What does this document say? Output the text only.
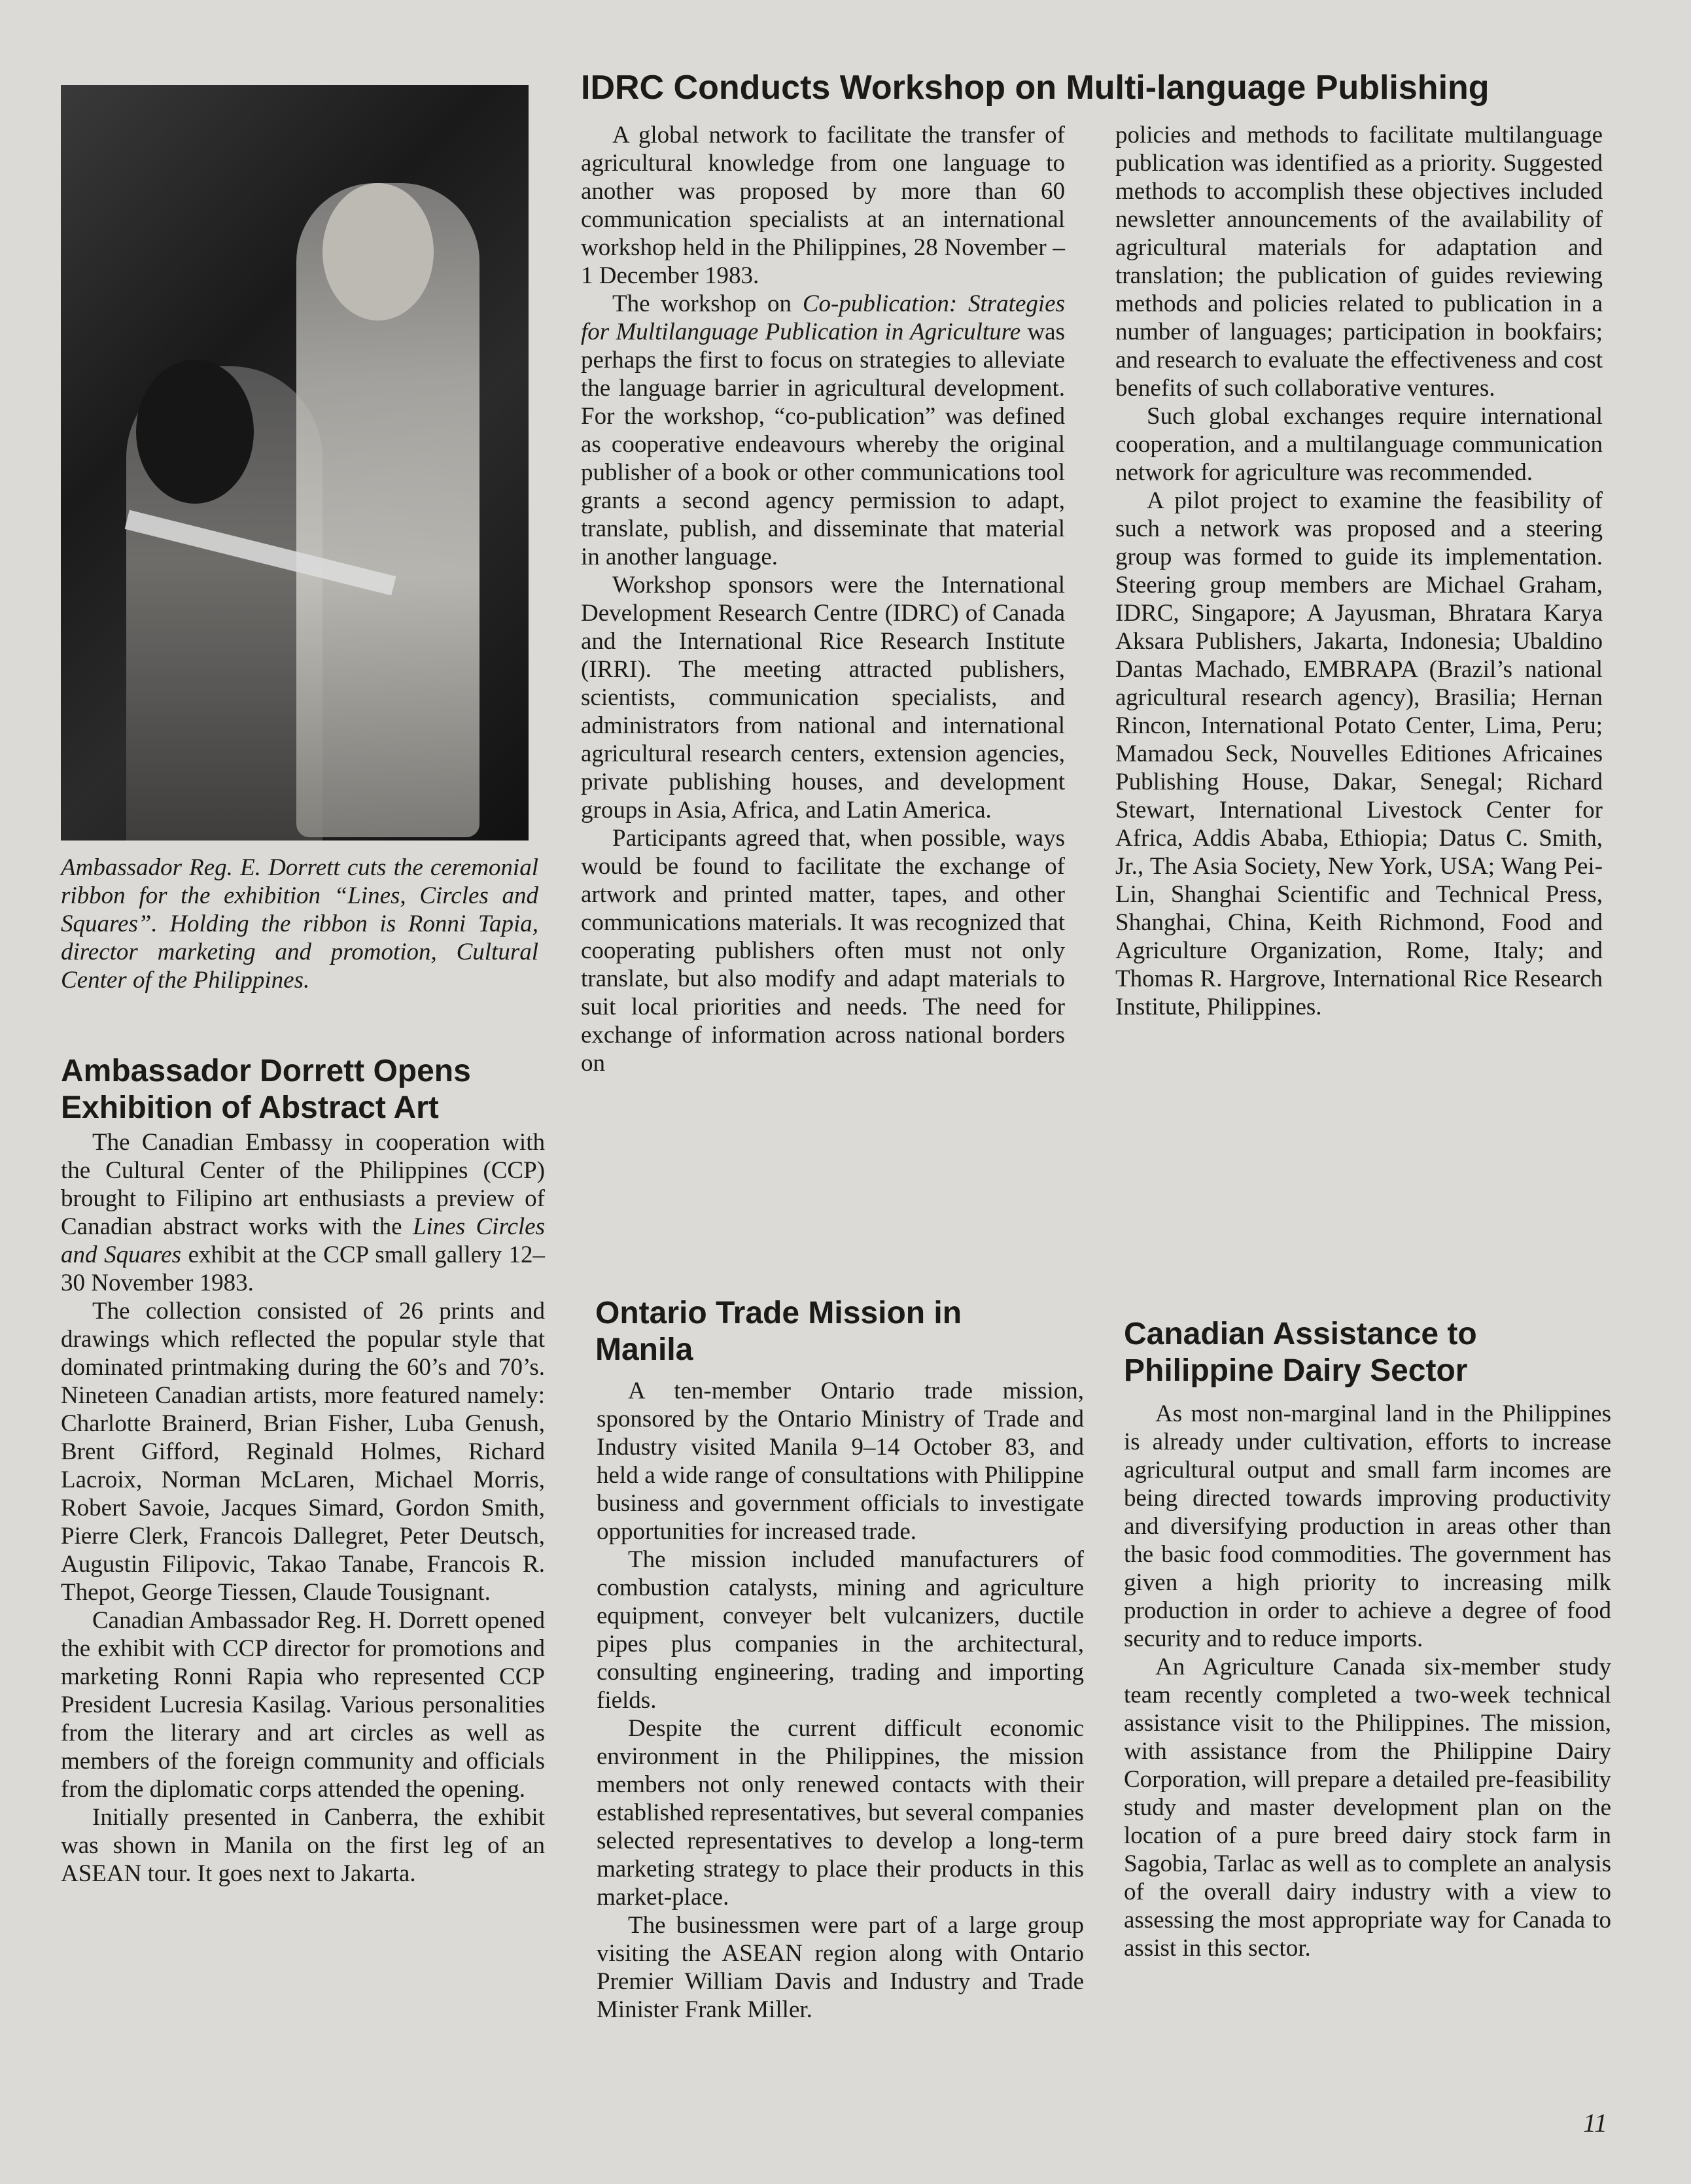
Ambassador Reg. E. Dorrett cuts the ceremonial ribbon for the exhibition “Lines, Circles and Squares”. Holding the ribbon is Ronni Tapia, director marketing and promotion, Cultural Center of the Philippines.
IDRC Conducts Workshop on Multi-language Publishing
Ambassador Dorrett Opens Exhibition of Abstract Art

The Canadian Embassy in cooperation with the Cultural Center of the Philippines (CCP) brought to Filipino art enthusiasts a preview of Canadian abstract works with the Lines Circles and Squares exhibit at the CCP small gallery 12–30 November 1983.

The collection consisted of 26 prints and drawings which reflected the popular style that dominated printmaking during the 60’s and 70’s. Nineteen Canadian artists, more featured namely: Charlotte Brainerd, Brian Fisher, Luba Genush, Brent Gifford, Reginald Holmes, Richard Lacroix, Norman McLaren, Michael Morris, Robert Savoie, Jacques Simard, Gordon Smith, Pierre Clerk, Francois Dallegret, Peter Deutsch, Augustin Filipovic, Takao Tanabe, Francois R. Thepot, George Tiessen, Claude Tousignant.

Canadian Ambassador Reg. H. Dorrett opened the exhibit with CCP director for promotions and marketing Ronni Rapia who represented CCP President Lucresia Kasilag. Various personalities from the literary and art circles as well as members of the foreign community and officials from the diplomatic corps attended the opening.

Initially presented in Canberra, the exhibit was shown in Manila on the first leg of an ASEAN tour. It goes next to Jakarta.

A global network to facilitate the transfer of agricultural knowledge from one language to another was proposed by more than 60 communication specialists at an international workshop held in the Philippines, 28 November – 1 December 1983.

The workshop on Co-publication: Strategies for Multilanguage Publication in Agriculture was perhaps the first to focus on strategies to alleviate the language barrier in agricultural development. For the workshop, “co-publication” was defined as cooperative endeavours whereby the original publisher of a book or other communications tool grants a second agency permission to adapt, translate, publish, and disseminate that material in another language.

Workshop sponsors were the International Development Research Centre (IDRC) of Canada and the International Rice Research Institute (IRRI). The meeting attracted publishers, scientists, communication specialists, and administrators from national and international agricultural research centers, extension agencies, private publishing houses, and development groups in Asia, Africa, and Latin America.

Participants agreed that, when possible, ways would be found to facilitate the exchange of artwork and printed matter, tapes, and other communications materials. It was recognized that cooperating publishers often must not only translate, but also modify and adapt materials to suit local priorities and needs. The need for exchange of information across national borders on

Ontario Trade Mission in Manila

A ten-member Ontario trade mission, sponsored by the Ontario Ministry of Trade and Industry visited Manila 9–14 October 83, and held a wide range of consultations with Philippine business and government officials to investigate opportunities for increased trade.

The mission included manufacturers of combustion catalysts, mining and agriculture equipment, conveyer belt vulcanizers, ductile pipes plus companies in the architectural, consulting engineering, trading and importing fields.

Despite the current difficult economic environment in the Philippines, the mission members not only renewed contacts with their established representatives, but several companies selected representatives to develop a long-term marketing strategy to place their products in this market-place.

The businessmen were part of a large group visiting the ASEAN region along with Ontario Premier William Davis and Industry and Trade Minister Frank Miller.

policies and methods to facilitate multilanguage publication was identified as a priority. Suggested methods to accomplish these objectives included newsletter announcements of the availability of agricultural materials for adaptation and translation; the publication of guides reviewing methods and policies related to publication in a number of languages; participation in bookfairs; and research to evaluate the effectiveness and cost benefits of such collaborative ventures.

Such global exchanges require international cooperation, and a multilanguage communication network for agriculture was recommended.

A pilot project to examine the feasibility of such a network was proposed and a steering group was formed to guide its implementation. Steering group members are Michael Graham, IDRC, Singapore; A Jayusman, Bhratara Karya Aksara Publishers, Jakarta, Indonesia; Ubaldino Dantas Machado, EMBRAPA (Brazil’s national agricultural research agency), Brasilia; Hernan Rincon, International Potato Center, Lima, Peru; Mamadou Seck, Nouvelles Editiones Africaines Publishing House, Dakar, Senegal; Richard Stewart, International Livestock Center for Africa, Addis Ababa, Ethiopia; Datus C. Smith, Jr., The Asia Society, New York, USA; Wang Pei-Lin, Shanghai Scientific and Technical Press, Shanghai, China, Keith Richmond, Food and Agriculture Organization, Rome, Italy; and Thomas R. Hargrove, International Rice Research Institute, Philippines.

Canadian Assistance to Philippine Dairy Sector

As most non-marginal land in the Philippines is already under cultivation, efforts to increase agricultural output and small farm incomes are being directed towards improving productivity and diversifying production in areas other than the basic food commodities. The government has given a high priority to increasing milk production in order to achieve a degree of food security and to reduce imports.

An Agriculture Canada six-member study team recently completed a two-week technical assistance visit to the Philippines. The mission, with assistance from the Philippine Dairy Corporation, will prepare a detailed pre-feasibility study and master development plan on the location of a pure breed dairy stock farm in Sagobia, Tarlac as well as to complete an analysis of the overall dairy industry with a view to assessing the most appropriate way for Canada to assist in this sector.

11
